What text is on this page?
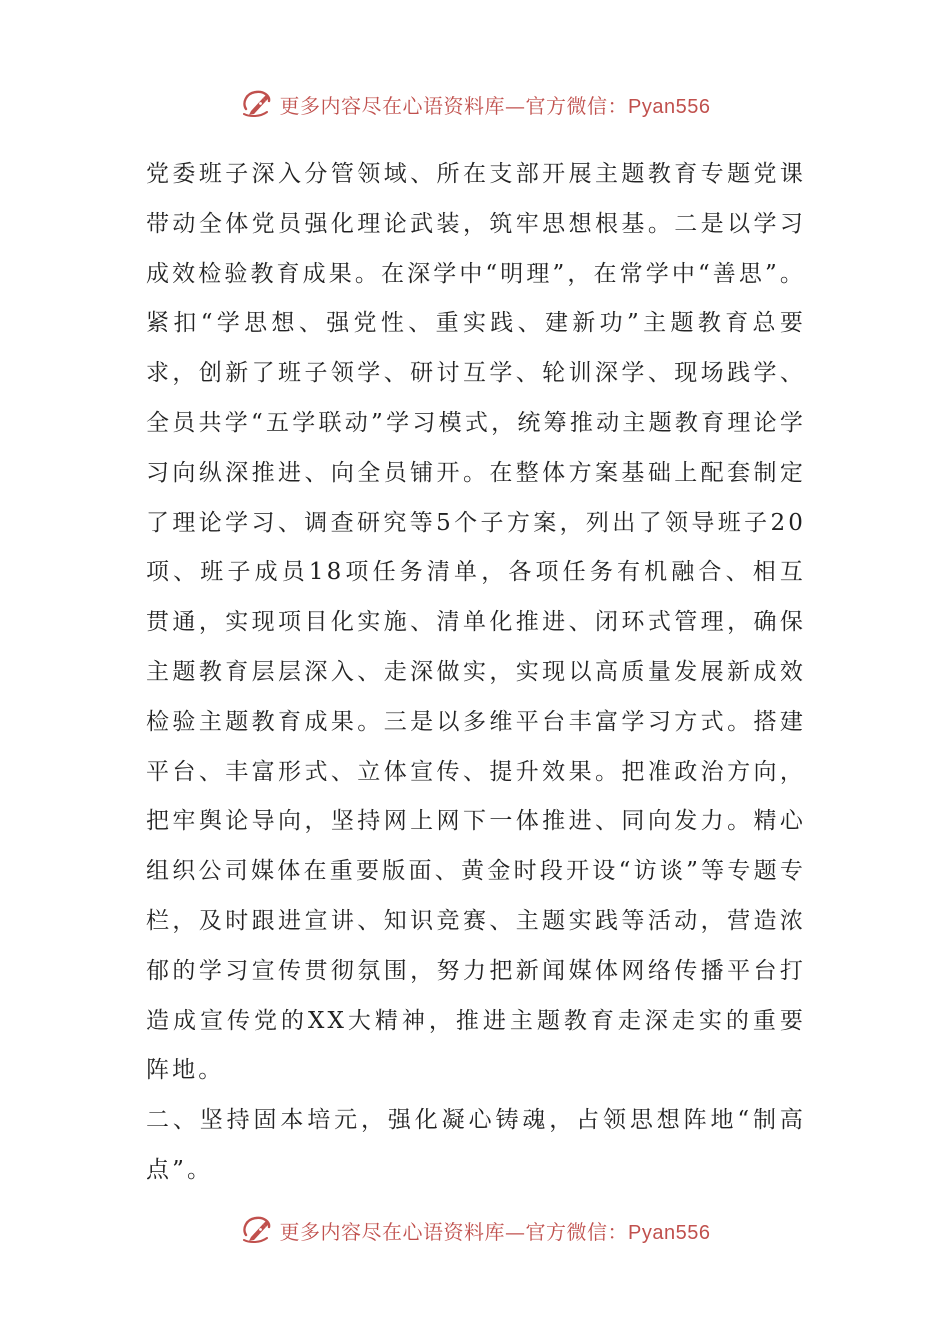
更多内容尽在心语资料库—官方微信：Pyan556

党委班子深入分管领域、所在支部开展主题教育专题党课带动全体党员强化理论武装，筑牢思想根基。二是以学习成效检验教育成果。在深学中“明理”，在常学中“善思”。紧扣“学思想、强党性、重实践、建新功”主题教育总要求，创新了班子领学、研讨互学、轮训深学、现场践学、全员共学“五学联动”学习模式，统筹推动主题教育理论学习向纵深推进、向全员铺开。在整体方案基础上配套制定了理论学习、调查研究等5个子方案，列出了领导班子20项、班子成员18项任务清单，各项任务有机融合、相互贯通，实现项目化实施、清单化推进、闭环式管理，确保主题教育层层深入、走深做实，实现以高质量发展新成效检验主题教育成果。三是以多维平台丰富学习方式。搭建平台、丰富形式、立体宣传、提升效果。把准政治方向，把牢舆论导向，坚持网上网下一体推进、同向发力。精心组织公司媒体在重要版面、黄金时段开设“访谈”等专题专栏，及时跟进宣讲、知识竞赛、主题实践等活动，营造浓郁的学习宣传贯彻氛围，努力把新闻媒体网络传播平台打造成宣传党的XX大精神，推进主题教育走深走实的重要阵地。

二、坚持固本培元，强化凝心铸魂，占领思想阵地“制高点”。

更多内容尽在心语资料库—官方微信：Pyan556
